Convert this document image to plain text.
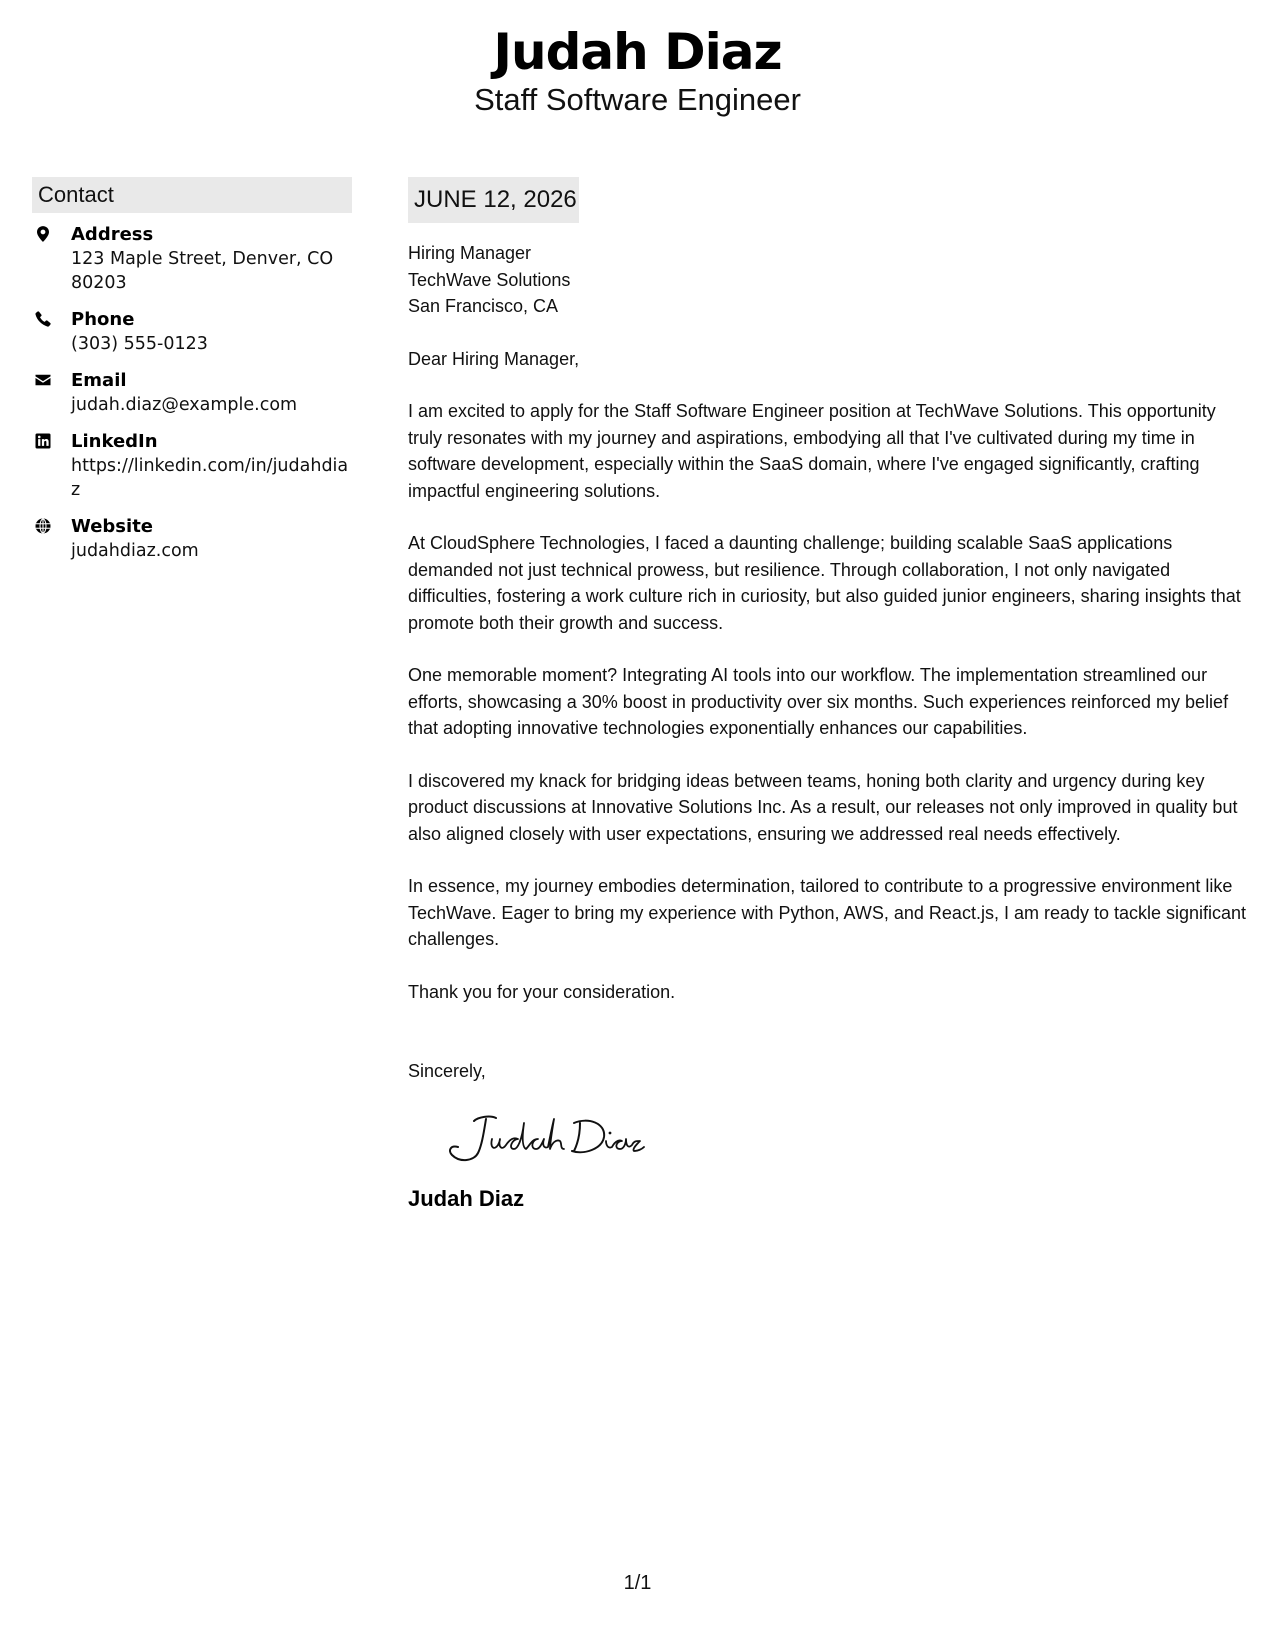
Judah Diaz
Staff Software Engineer
Contact
Address
123 Maple Street, Denver, CO 80203
Phone
(303) 555-0123
Email
judah.diaz@example.com
LinkedIn
https://linkedin.com/in/judahdiaz
Website
judahdiaz.com
JUNE 12, 2026
Hiring Manager
TechWave Solutions
San Francisco, CA
Dear Hiring Manager,
I am excited to apply for the Staff Software Engineer position at TechWave Solutions. This opportunity truly resonates with my journey and aspirations, embodying all that I've cultivated during my time in software development, especially within the SaaS domain, where I've engaged significantly, crafting impactful engineering solutions.
At CloudSphere Technologies, I faced a daunting challenge; building scalable SaaS applications demanded not just technical prowess, but resilience. Through collaboration, I not only navigated difficulties, fostering a work culture rich in curiosity, but also guided junior engineers, sharing insights that promote both their growth and success.
One memorable moment? Integrating AI tools into our workflow. The implementation streamlined our efforts, showcasing a 30% boost in productivity over six months. Such experiences reinforced my belief that adopting innovative technologies exponentially enhances our capabilities.
I discovered my knack for bridging ideas between teams, honing both clarity and urgency during key product discussions at Innovative Solutions Inc. As a result, our releases not only improved in quality but also aligned closely with user expectations, ensuring we addressed real needs effectively.
In essence, my journey embodies determination, tailored to contribute to a progressive environment like TechWave. Eager to bring my experience with Python, AWS, and React.js, I am ready to tackle significant challenges.
Thank you for your consideration.
Sincerely,
Judah Diaz
1/1
